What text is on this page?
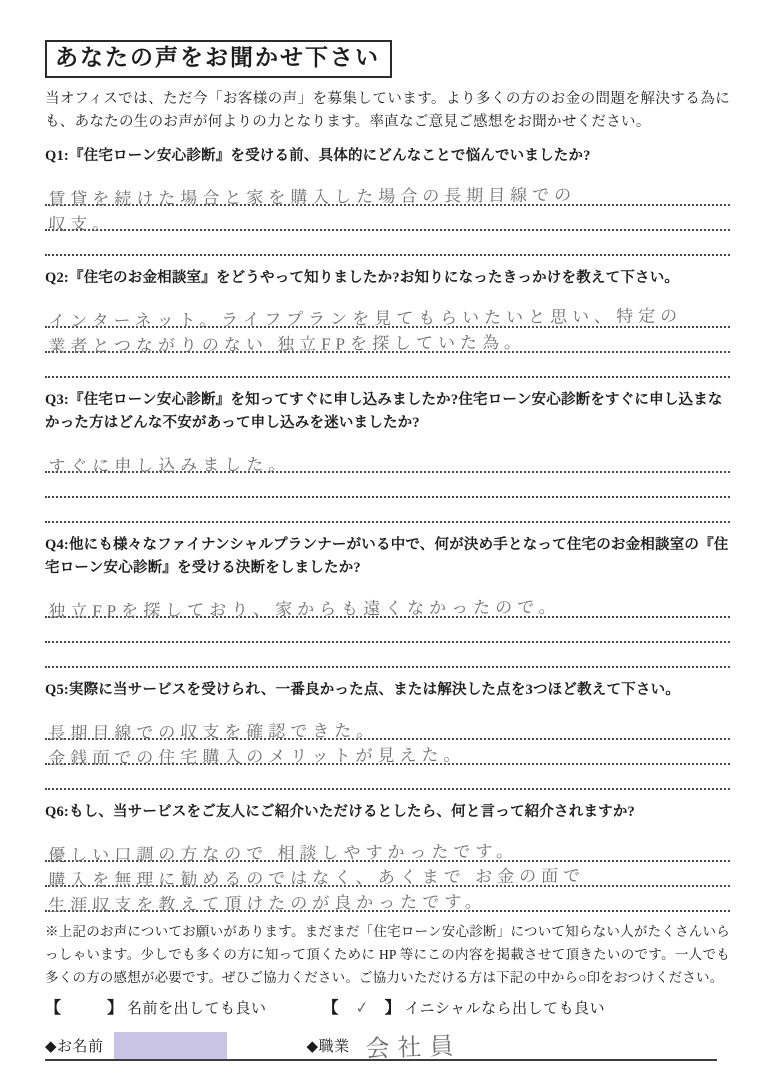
あなたの声をお聞かせ下さい

当オフィスでは、ただ今「お客様の声」を募集しています。より多くの方のお金の問題を解決する為にも、あなたの生のお声が何よりの力となります。率直なご意見ご感想をお聞かせください。

Q1:『住宅ローン安心診断』を受ける前、具体的にどんなことで悩んでいましたか?
賃貸を続けた場合と家を購入した場合の長期目線での
収支。
Q2:『住宅のお金相談室』をどうやって知りましたか?お知りになったきっかけを教えて下さい。
インターネット。ライフプランを見てもらいたいと思い、特定の
業者とつながりのない 独立FPを探していた為。
Q3:『住宅ローン安心診断』を知ってすぐに申し込みましたか?住宅ローン安心診断をすぐに申し込まなかった方はどんな不安があって申し込みを迷いましたか?
すぐに申し込みました。
Q4:他にも様々なファイナンシャルプランナーがいる中で、何が決め手となって住宅のお金相談室の『住宅ローン安心診断』を受ける決断をしましたか?
独立FPを探しており、家からも遠くなかったので。
Q5:実際に当サービスを受けられ、一番良かった点、または解決した点を3つほど教えて下さい。
長期目線での収支を確認できた。
金銭面での住宅購入のメリットが見えた。
Q6:もし、当サービスをご友人にご紹介いただけるとしたら、何と言って紹介されますか?
優しい口調の方なので 相談しやすかったです。
購入を無理に勧めるのではなく、あくまで お金の面で
生涯収支を教えて頂けたのが良かったです。
※上記のお声についてお願いがあります。まだまだ「住宅ローン安心診断」について知らない人がたくさんいらっしゃいます。少しでも多くの方に知って頂くために HP 等にこの内容を掲載させて頂きたいのです。一人でも多くの方の感想が必要です。ぜひご協力ください。ご協力いただける方は下記の中から○印をおつけください。
【	】 名前を出しても良い	【 ✓ 】 イニシャルなら出しても良い
◆お名前	◆職業 会社員
